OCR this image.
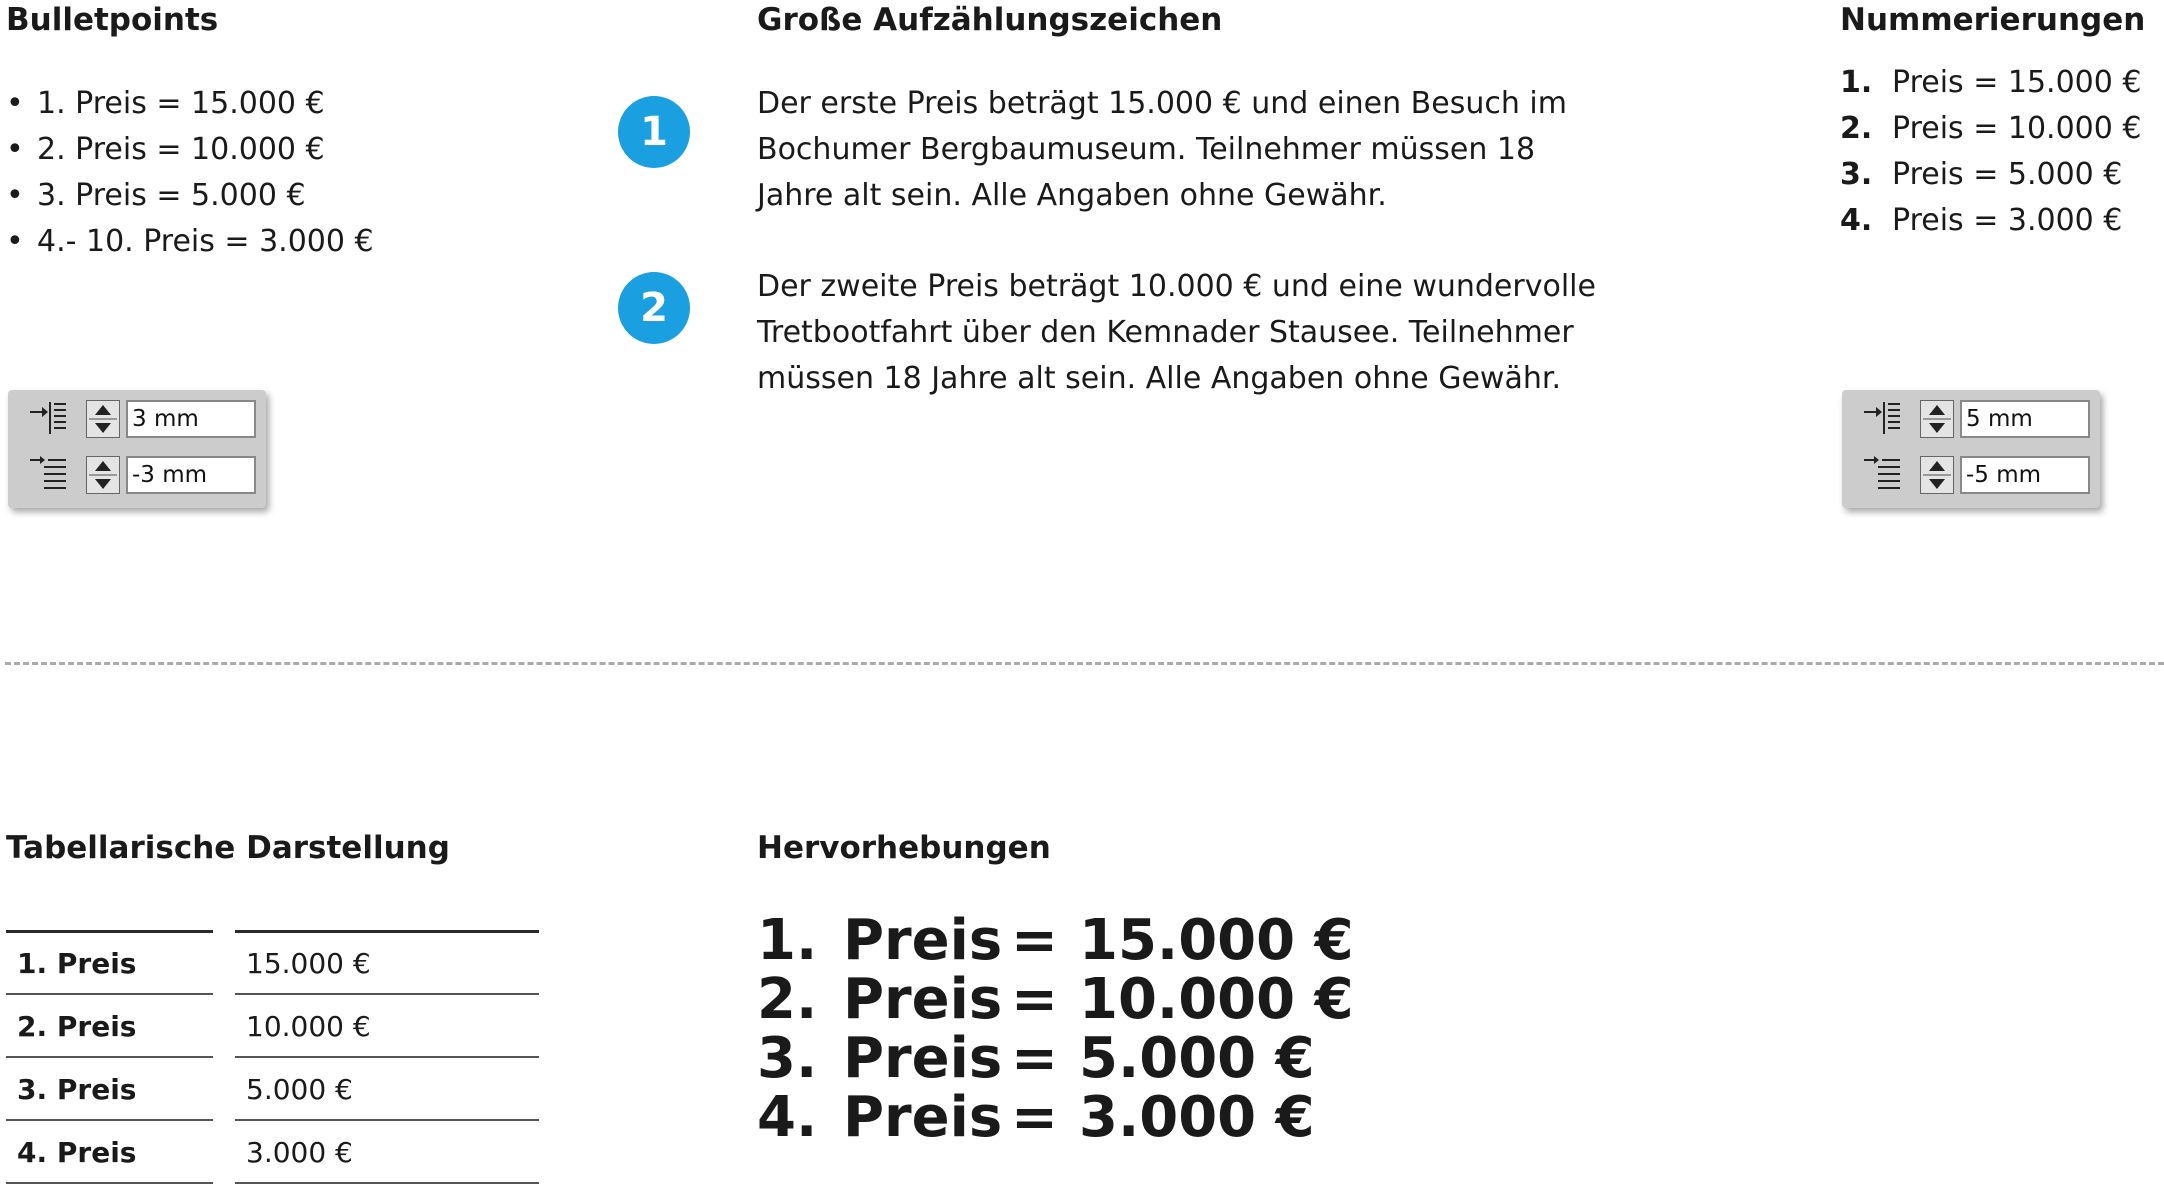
Bulletpoints
• 1. Preis = 15.000 €
• 2. Preis = 10.000 €
• 3. Preis = 5.000 €
• 4.- 10. Preis = 3.000 €
3 mm
-3 mm
Große Aufzählungszeichen
1
Der erste Preis beträgt 15.000 € und einen Besuch im
Bochumer Bergbaumuseum. Teilnehmer müssen 18
Jahre alt sein. Alle Angaben ohne Gewähr.
2	Der zweite Preis beträgt 10.000 € und eine wundervolle
Tretbootfahrt über den Kemnader Stausee. Teilnehmer
müssen 18 Jahre alt sein. Alle Angaben ohne Gewähr.
Nummerierungen
1. Preis = 15.000 €
2. Preis = 10.000 €
3. Preis = 5.000 €
4. Preis = 3.000 €
5 mm
-5 mm
Tabellarische Darstellung
1. Preis	15.000 €
2. Preis	10.000 €
3. Preis	5.000 €
4. Preis	3.000 €
Hervorhebungen
1. Preis = 15.000 €
2. Preis = 10.000 €
3. Preis = 5.000 €
4. Preis = 3.000 €
